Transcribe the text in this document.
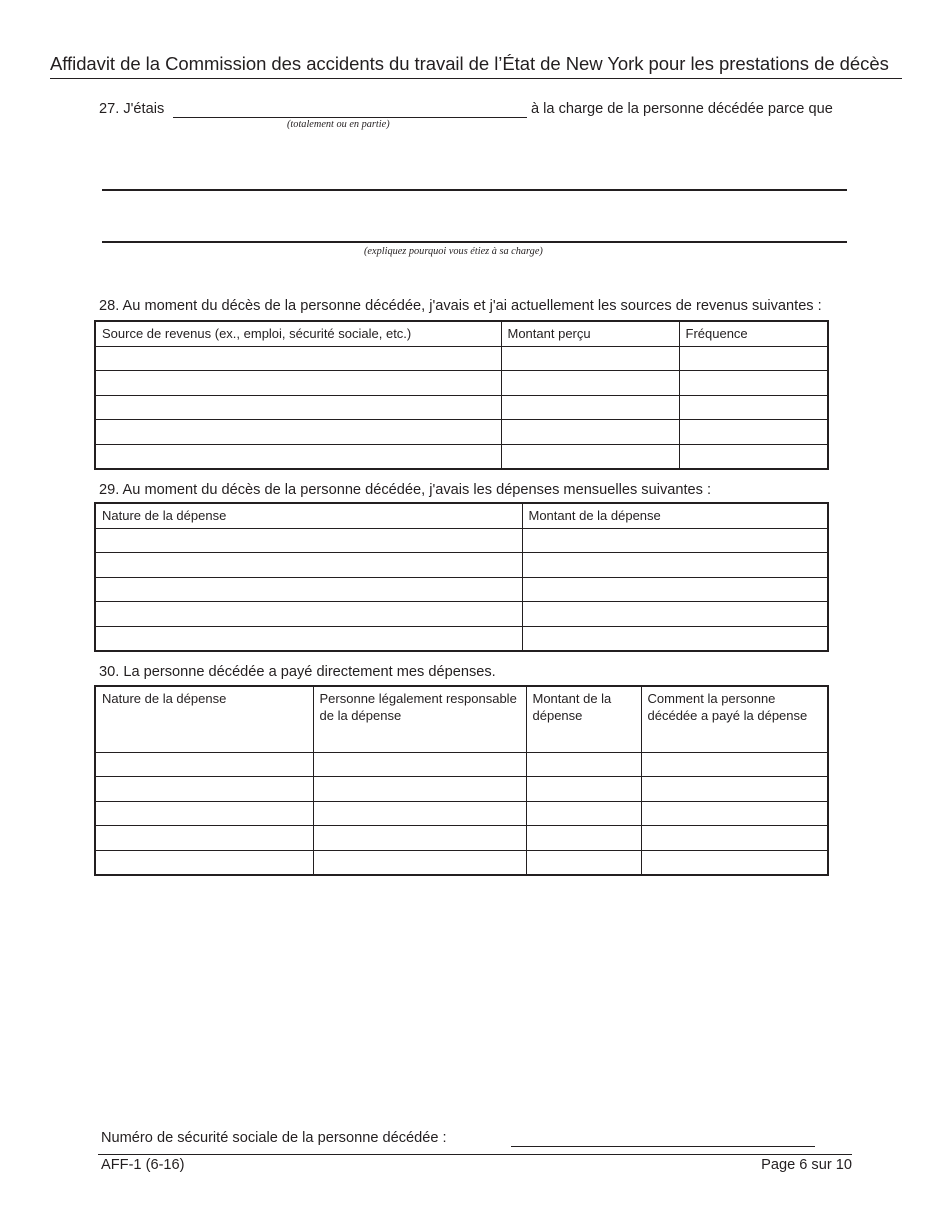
Affidavit de la Commission des accidents du travail de l’État de New York pour les prestations de décès
27. J'étais	à la charge de la personne décédée parce que
(totalement ou en partie)
(expliquez pourquoi vous étiez à sa charge)
28. Au moment du décès de la personne décédée, j'avais et j'ai actuellement les sources de revenus suivantes :
Source de revenus (ex., emploi, sécurité sociale, etc.)	Montant perçu	Fréquence

29. Au moment du décès de la personne décédée, j'avais les dépenses mensuelles suivantes :
Nature de la dépense	Montant de la dépense

30. La personne décédée a payé directement mes dépenses.
Nature de la dépense	Personne légalement responsable de la dépense	Montant de la dépense	Comment la personne décédée a payé la dépense

Numéro de sécurité sociale de la personne décédée :
AFF-1 (6-16)	Page 6 sur 10
